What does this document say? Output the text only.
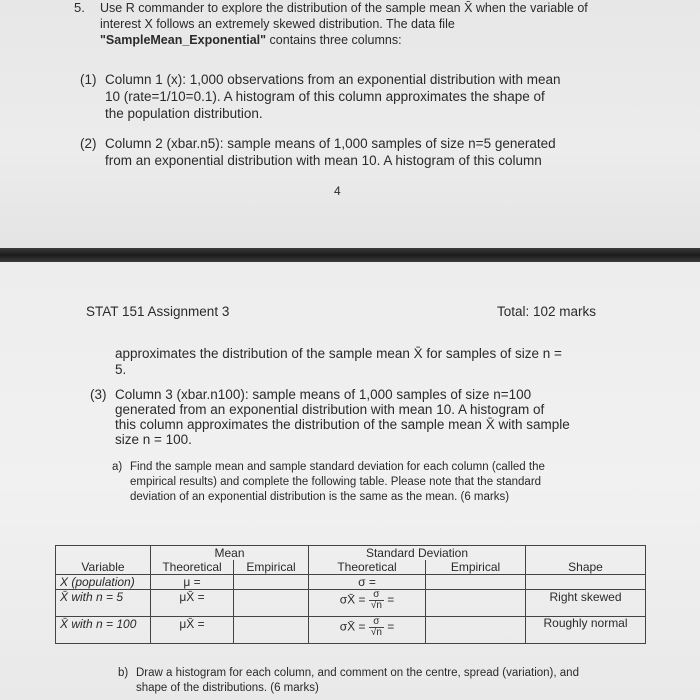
5. Use R commander to explore the distribution of the sample mean X̄ when the variable of interest X follows an extremely skewed distribution. The data file "SampleMean_Exponential" contains three columns:
(1) Column 1 (x): 1,000 observations from an exponential distribution with mean
10 (rate=1/10=0.1). A histogram of this column approximates the shape of
the population distribution.
(2) Column 2 (xbar.n5): sample means of 1,000 samples of size n=5 generated
from an exponential distribution with mean 10. A histogram of this column
4
STAT 151 Assignment 3	Total: 102 marks
approximates the distribution of the sample mean X̄ for samples of size n =
5.
(3) Column 3 (xbar.n100): sample means of 1,000 samples of size n=100
generated from an exponential distribution with mean 10. A histogram of
this column approximates the distribution of the sample mean X̄ with sample
size n = 100.
a) Find the sample mean and sample standard deviation for each column (called the
empirical results) and complete the following table. Please note that the standard
deviation of an exponential distribution is the same as the mean. (6 marks)
	Mean		Standard Deviation		
Variable	Theoretical	Empirical	Theoretical	Empirical	Shape
X (population)	μ =		σ =		
X̄ with n = 5	μX̄ =		σX̄ = $\frac{\sigma}{√n}$ =		Right skewed
X̄ with n = 100	μX̄ =		σX̄ = $\frac{\sigma}{√n}$ =		Roughly normal
b) Draw a histogram for each column, and comment on the centre, spread (variation), and
shape of the distributions. (6 marks)
